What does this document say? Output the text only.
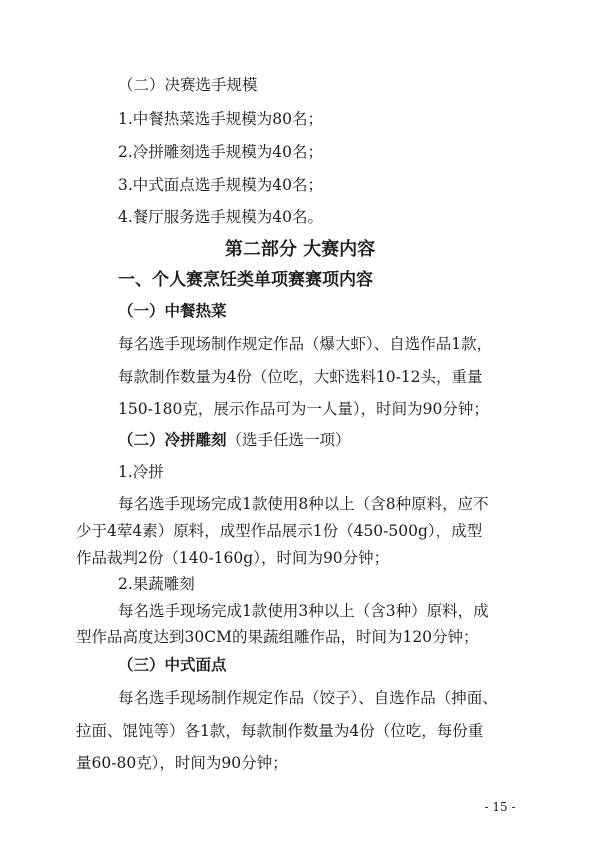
（二）决赛选手规模
1.中餐热菜选手规模为80名；
2.冷拼雕刻选手规模为40名；
3.中式面点选手规模为40名；
4.餐厅服务选手规模为40名。
第二部分 大赛内容
一、个人赛烹饪类单项赛赛项内容
（一）中餐热菜
每名选手现场制作规定作品（爆大虾）、自选作品1款，
每款制作数量为4份（位吃，大虾选料10-12头，重量
150-180克，展示作品可为一人量），时间为90分钟；
（二）冷拼雕刻（选手任选一项）
1.冷拼
每名选手现场完成1款使用8种以上（含8种原料，应不
少于4荤4素）原料，成型作品展示1份（450-500g），成型
作品裁判2份（140-160g），时间为90分钟；
2.果蔬雕刻
每名选手现场完成1款使用3种以上（含3种）原料，成
型作品高度达到30CM的果蔬组雕作品，时间为120分钟；
（三）中式面点
每名选手现场制作规定作品（饺子）、自选作品（抻面、
拉面、馄饨等）各1款，每款制作数量为4份（位吃，每份重
量60-80克），时间为90分钟；
- 15 -
